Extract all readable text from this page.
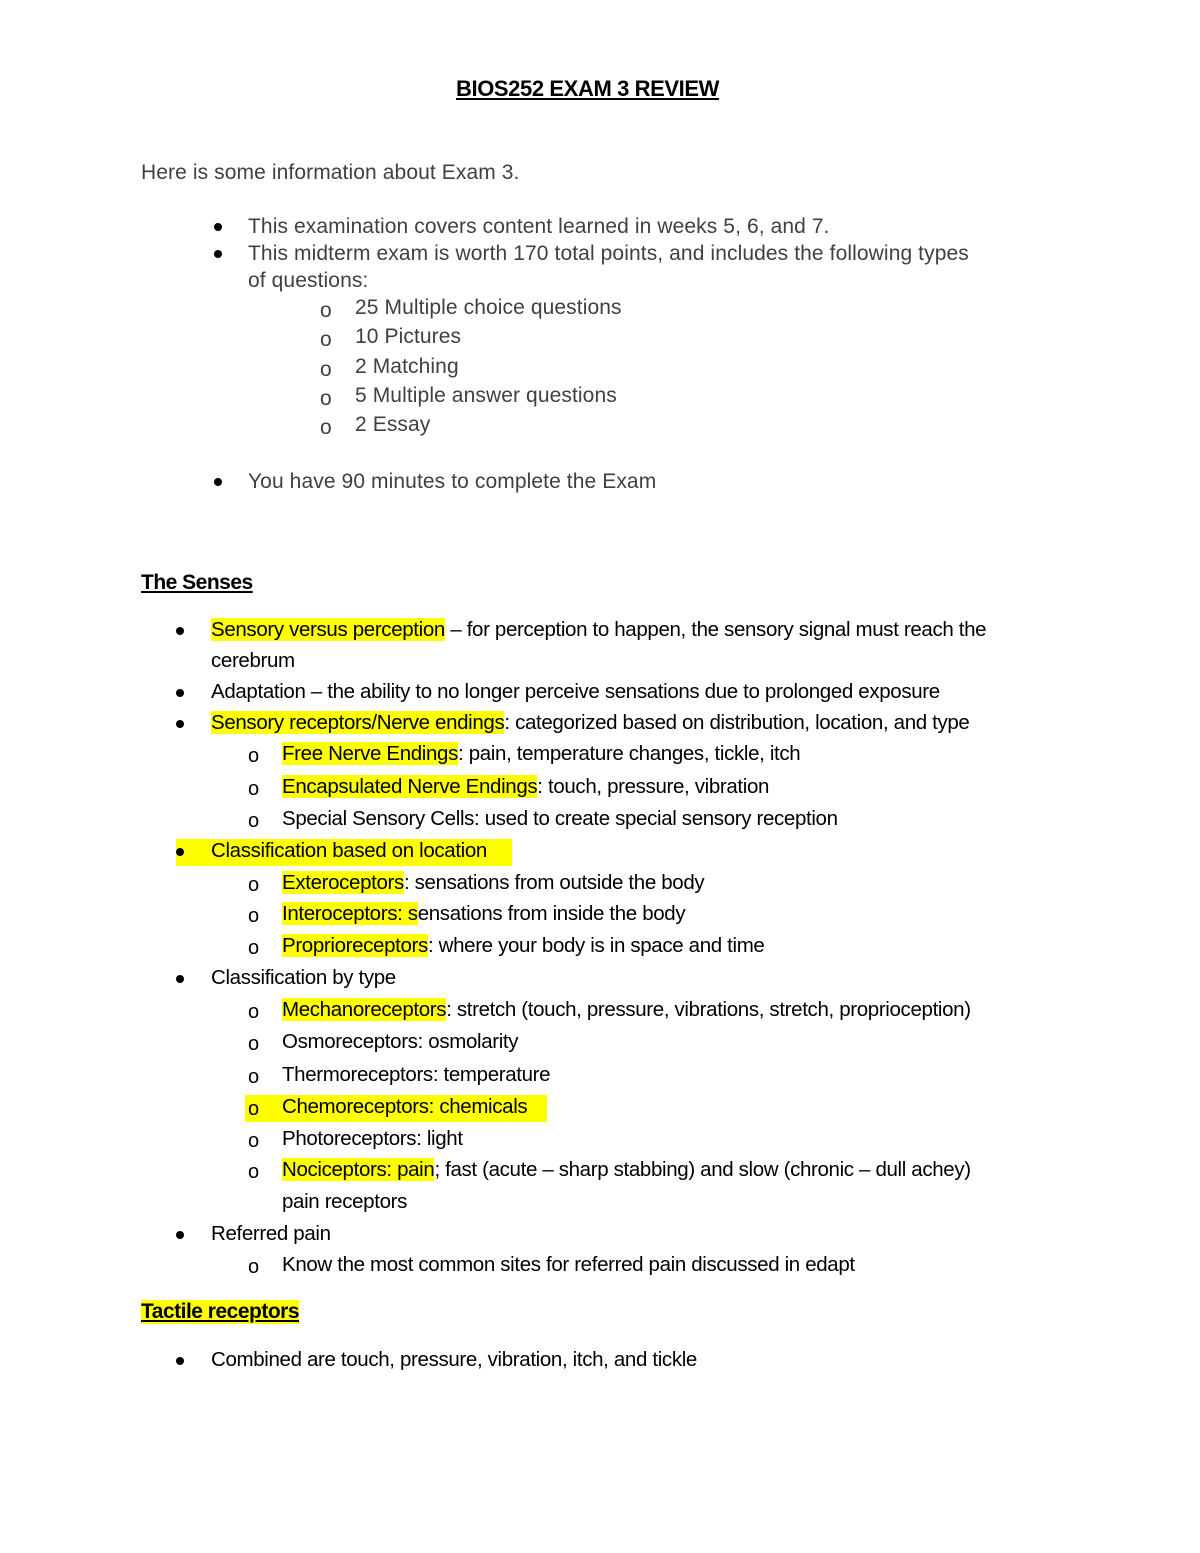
BIOS252 EXAM 3 REVIEW
Here is some information about Exam 3.
This examination covers content learned in weeks 5, 6, and 7.
This midterm exam is worth 170 total points, and includes the following types
of questions:
o 25 Multiple choice questions
o 10 Pictures
o 2 Matching
o 5 Multiple answer questions
o 2 Essay
You have 90 minutes to complete the Exam
The Senses
Sensory versus perception – for perception to happen, the sensory signal must reach the
cerebrum
Adaptation – the ability to no longer perceive sensations due to prolonged exposure
Sensory receptors/Nerve endings: categorized based on distribution, location, and type
o Free Nerve Endings: pain, temperature changes, tickle, itch
o Encapsulated Nerve Endings: touch, pressure, vibration
o Special Sensory Cells: used to create special sensory reception
Classification based on location
o Exteroceptors: sensations from outside the body
o Interoceptors: sensations from inside the body
o Proprioreceptors: where your body is in space and time
Classification by type
o Mechanoreceptors: stretch (touch, pressure, vibrations, stretch, proprioception)
o Osmoreceptors: osmolarity
o Thermoreceptors: temperature
o Chemoreceptors: chemicals
o Photoreceptors: light
o Nociceptors: pain; fast (acute – sharp stabbing) and slow (chronic – dull achey)
pain receptors
Referred pain
o Know the most common sites for referred pain discussed in edapt
Tactile receptors
Combined are touch, pressure, vibration, itch, and tickle
